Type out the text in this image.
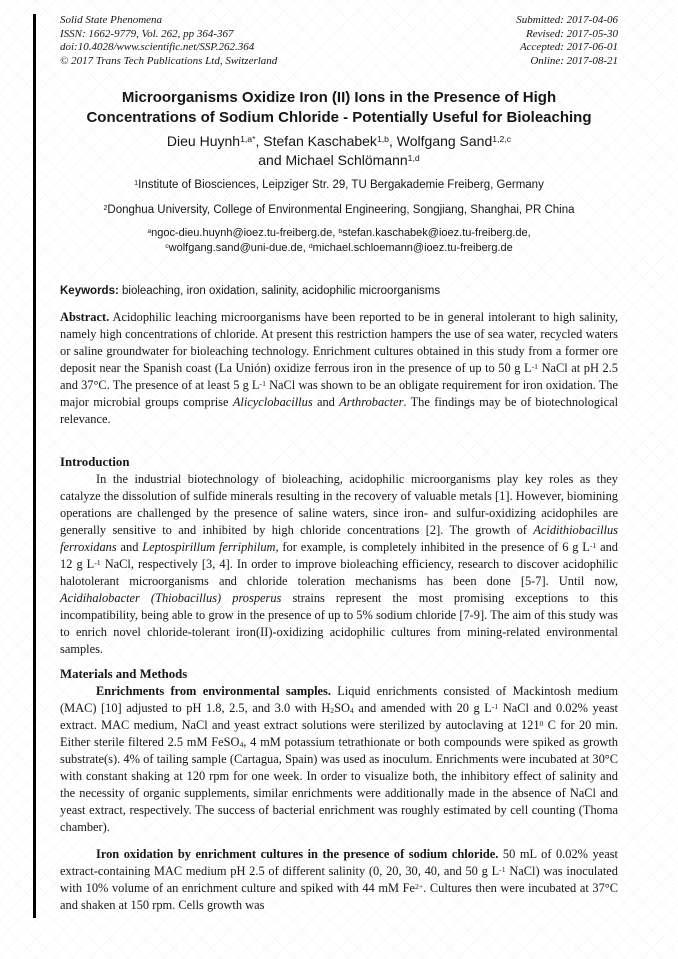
Solid State Phenomena
ISSN: 1662-9779, Vol. 262, pp 364-367
doi:10.4028/www.scientific.net/SSP.262.364
© 2017 Trans Tech Publications Ltd, Switzerland
Submitted: 2017-04-06
Revised: 2017-05-30
Accepted: 2017-06-01
Online: 2017-08-21
Microorganisms Oxidize Iron (II) Ions in the Presence of High
Concentrations of Sodium Chloride - Potentially Useful for Bioleaching
Dieu Huynh$^{1,a*}$, Stefan Kaschabek$^{1,b}$, Wolfgang Sand$^{1,2,c}$
and Michael Schlömann$^{1,d}$
$^1$Institute of Biosciences, Leipziger Str. 29, TU Bergakademie Freiberg, Germany
$^2$Donghua University, College of Environmental Engineering, Songjiang, Shanghai, PR China
$^a$ngoc-dieu.huynh@ioez.tu-freiberg.de, $^b$stefan.kaschabek@ioez.tu-freiberg.de,
$^c$wolfgang.sand@uni-due.de, $^d$michael.schloemann@ioez.tu-freiberg.de
Keywords: bioleaching, iron oxidation, salinity, acidophilic microorganisms

Abstract. Acidophilic leaching microorganisms have been reported to be in general intolerant to high salinity, namely high concentrations of chloride. At present this restriction hampers the use of sea water, recycled waters or saline groundwater for bioleaching technology. Enrichment cultures obtained in this study from a former ore deposit near the Spanish coast (La Unión) oxidize ferrous iron in the presence of up to 50 g $L^{-1}$ NaCl at pH 2.5 and 37°C. The presence of at least 5 g $L^{-1}$ NaCl was shown to be an obligate requirement for iron oxidation. The major microbial groups comprise Alicyclobacillus and Arthrobacter. The findings may be of biotechnological relevance.

Introduction

In the industrial biotechnology of bioleaching, acidophilic microorganisms play key roles as they catalyze the dissolution of sulfide minerals resulting in the recovery of valuable metals [1]. However, biomining operations are challenged by the presence of saline waters, since iron- and sulfur-oxidizing acidophiles are generally sensitive to and inhibited by high chloride concentrations [2]. The growth of Acidithiobacillus ferroxidans and Leptospirillum ferriphilum, for example, is completely inhibited in the presence of 6 g $L^{-1}$ and 12 g $L^{-1}$ NaCl, respectively [3, 4]. In order to improve bioleaching efficiency, research to discover acidophilic halotolerant microorganisms and chloride toleration mechanisms has been done [5-7]. Until now, Acidihalobacter (Thiobacillus) prosperus strains represent the most promising exceptions to this incompatibility, being able to grow in the presence of up to 5% sodium chloride [7-9]. The aim of this study was to enrich novel chloride-tolerant iron(II)-oxidizing acidophilic cultures from mining-related environmental samples.

Materials and Methods

Enrichments from environmental samples. Liquid enrichments consisted of Mackintosh medium (MAC) [10] adjusted to pH 1.8, 2.5, and 3.0 with $H_2SO_4$ and amended with 20 g $L^{-1}$ NaCl and 0.02% yeast extract. MAC medium, NaCl and yeast extract solutions were sterilized by autoclaving at $121^0$ C for 20 min. Either sterile filtered 2.5 mM FeSO$_4$, 4 mM potassium tetrathionate or both compounds were spiked as growth substrate(s). 4% of tailing sample (Cartagua, Spain) was used as inoculum. Enrichments were incubated at 30°C with constant shaking at 120 rpm for one week. In order to visualize both, the inhibitory effect of salinity and the necessity of organic supplements, similar enrichments were additionally made in the absence of NaCl and yeast extract, respectively. The success of bacterial enrichment was roughly estimated by cell counting (Thoma chamber).

Iron oxidation by enrichment cultures in the presence of sodium chloride. 50 mL of 0.02% yeast extract-containing MAC medium pH 2.5 of different salinity (0, 20, 30, 40, and 50 g $L^{-1}$ NaCl) was inoculated with 10% volume of an enrichment culture and spiked with 44 mM $Fe^{2+}$. Cultures then were incubated at 37°C and shaken at 150 rpm. Cells growth was
